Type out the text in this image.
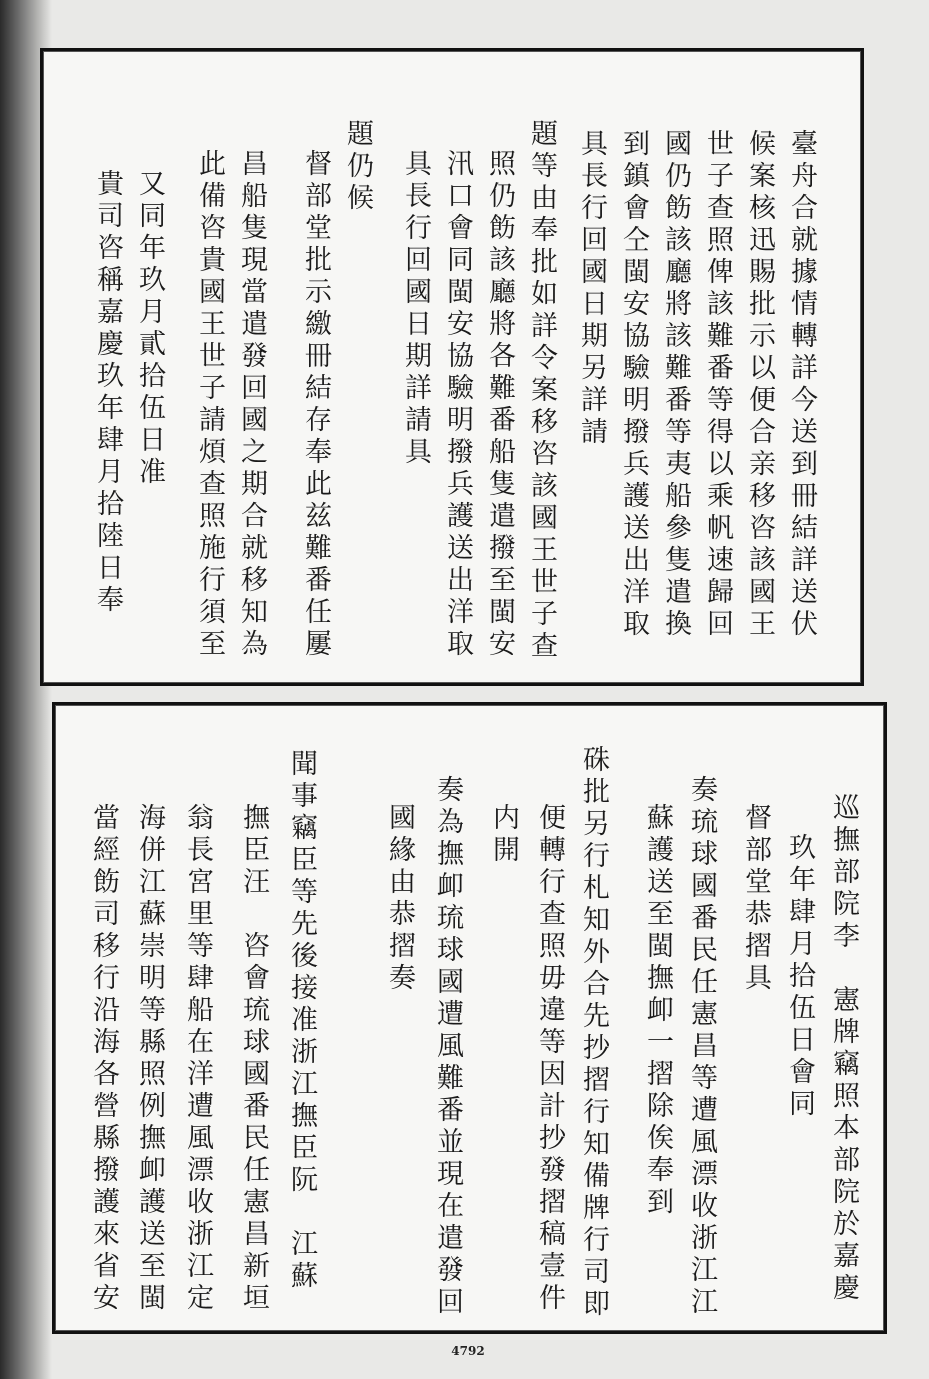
臺舟合就據情轉詳今送到冊結詳送伏
候案核迅賜批示以便合亲移咨該國王
世子查照俾該難番等得以乘帆速歸回
國仍飭該廳將該難番等夷船參隻遣換
到鎮會仝閩安協驗明撥兵護送出洋取
具長行回國日期另詳請
題等由奉批如詳令案移咨該國王世子查
照仍飭該廳將各難番船隻遣撥至閩安
汛口會同閩安協驗明撥兵護送出洋取
具長行回國日期詳請具
題仍候
督部堂批示繳冊結存奉此兹難番任屢
昌船隻現當遣發回國之期合就移知為
此備咨貴國王世子請煩查照施行須至
又同年玖月貳拾伍日准
貴司咨稱嘉慶玖年肆月拾陸日奉
巡撫部院李　憲牌竊照本部院於嘉慶
玖年肆月拾伍日會同
督部堂恭摺具
奏琉球國番民任憲昌等遭風漂收浙江江
蘇護送至閩撫卹一摺除俟奉到
硃批另行札知外合先抄摺行知備牌行司即
便轉行查照毋違等因計抄發摺稿壹件
内開
奏為撫卹琉球國遭風難番並現在遣發回
國緣由恭摺奏
聞事竊臣等先後接准浙江撫臣阮　江蘇
撫臣汪　咨會琉球國番民任憲昌新垣
翁長宮里等肆船在洋遭風漂收浙江定
海併江蘇崇明等縣照例撫卹護送至閩
當經飭司移行沿海各營縣撥護來省安
4792
